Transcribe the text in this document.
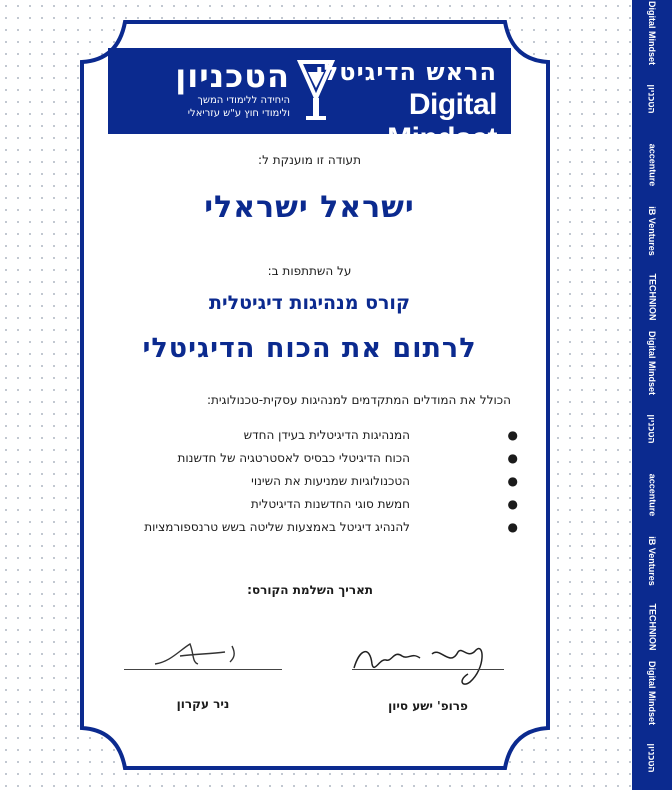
הטכניון
היחידה ללימודי המשך
ולימודי חוץ ע"ש עזריאלי
הראש הדיגיטלי
Digital Mindset
תעודה זו מוענקת ל:
ישראל ישראלי
על השתתפות ב:
קורס מנהיגות דיגיטלית
לרתום את הכוח הדיגיטלי
הכולל את המודלים המתקדמים למנהיגות עסקית-טכנולוגית:
●
המנהיגות הדיגיטלית בעידן החדש
●
הכוח הדיגיטלי כבסיס לאסטרטגיה של חדשנות
●
הטכנולוגיות שמניעות את השינוי
●
חמשת סוגי החדשנות הדיגיטלית
●
להנהיג דיגיטל באמצעות שליטה בשש טרנספורמציות
תאריך השלמת הקורס:
ניר עקרון	פרופ' ישע סיון
Digital Mindset
הטכניון
accenture
iB Ventures
TECHNION
Digital Mindset
הטכניון
accenture
iB Ventures
TECHNION
Digital Mindset
הטכניון
